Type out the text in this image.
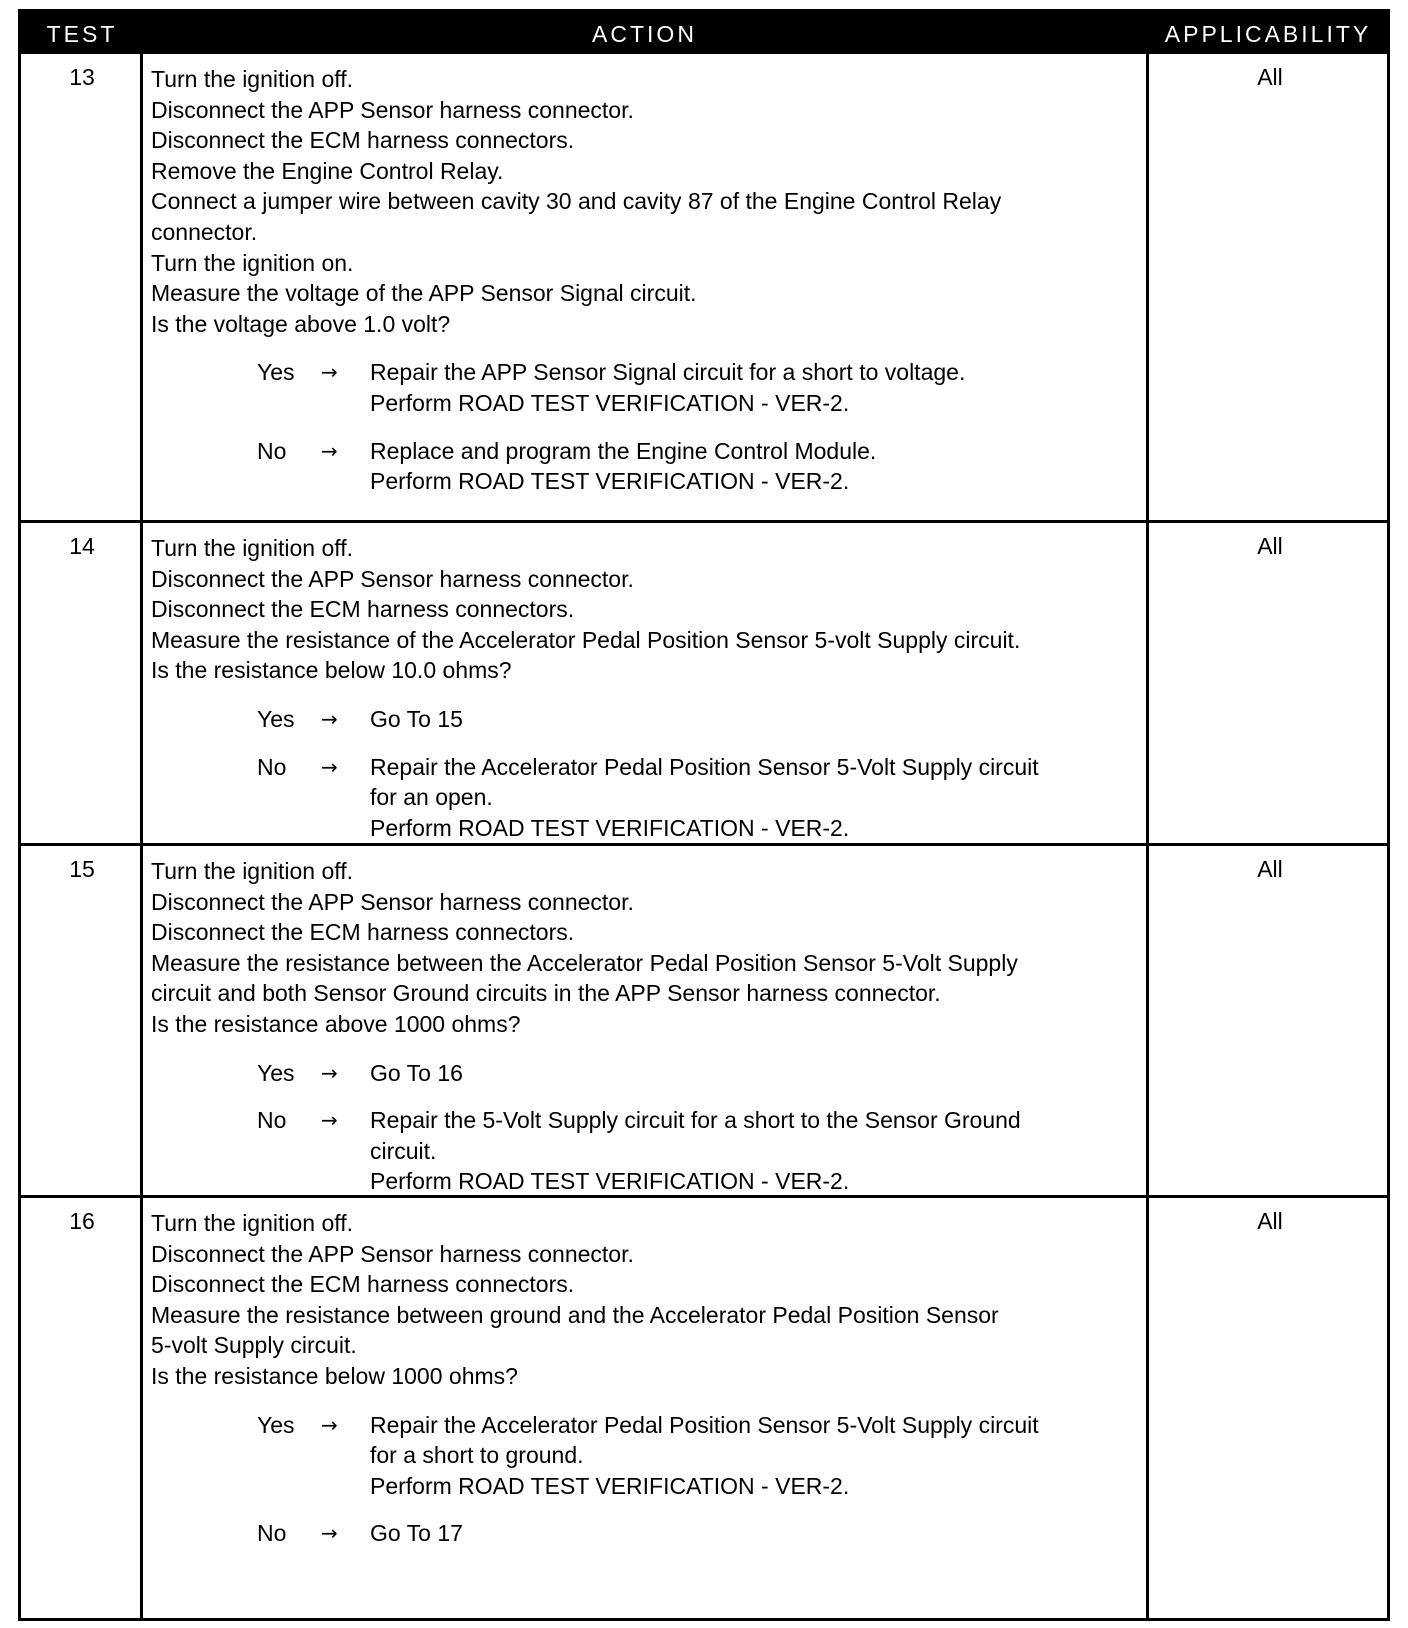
TEST	ACTION	APPLICABILITY
13	Turn the ignition off.
Disconnect the APP Sensor harness connector.
Disconnect the ECM harness connectors.
Remove the Engine Control Relay.
Connect a jumper wire between cavity 30 and cavity 87 of the Engine Control Relay
connector.
Turn the ignition on.
Measure the voltage of the APP Sensor Signal circuit.
Is the voltage above 1.0 volt?
Yes → Repair the APP Sensor Signal circuit for a short to voltage.
Perform ROAD TEST VERIFICATION - VER-2.
No → Replace and program the Engine Control Module.
Perform ROAD TEST VERIFICATION - VER-2.
All
14	Turn the ignition off.
Disconnect the APP Sensor harness connector.
Disconnect the ECM harness connectors.
Measure the resistance of the Accelerator Pedal Position Sensor 5-volt Supply circuit.
Is the resistance below 10.0 ohms?
Yes → Go To 15
No → Repair the Accelerator Pedal Position Sensor 5-Volt Supply circuit
for an open.
Perform ROAD TEST VERIFICATION - VER-2.
All
15	Turn the ignition off.
Disconnect the APP Sensor harness connector.
Disconnect the ECM harness connectors.
Measure the resistance between the Accelerator Pedal Position Sensor 5-Volt Supply
circuit and both Sensor Ground circuits in the APP Sensor harness connector.
Is the resistance above 1000 ohms?
Yes → Go To 16
No → Repair the 5-Volt Supply circuit for a short to the Sensor Ground
circuit.
Perform ROAD TEST VERIFICATION - VER-2.
All
16	Turn the ignition off.
Disconnect the APP Sensor harness connector.
Disconnect the ECM harness connectors.
Measure the resistance between ground and the Accelerator Pedal Position Sensor
5-volt Supply circuit.
Is the resistance below 1000 ohms?
Yes → Repair the Accelerator Pedal Position Sensor 5-Volt Supply circuit
for a short to ground.
Perform ROAD TEST VERIFICATION - VER-2.
No → Go To 17
All
